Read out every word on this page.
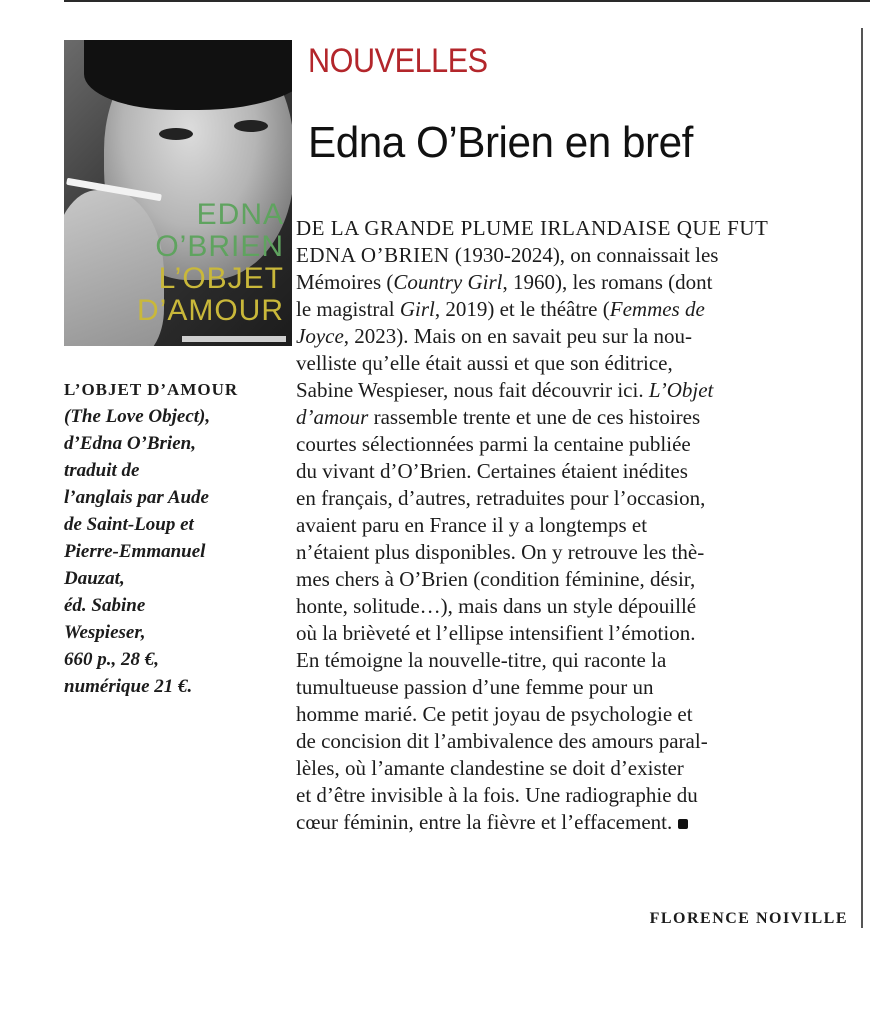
EDNA
O’BRIEN
L’OBJET
D’AMOUR
L’OBJET D’AMOUR
(The Love Object),
d’Edna O’Brien,
traduit de
l’anglais par Aude
de Saint-Loup et
Pierre-Emmanuel
Dauzat,
éd. Sabine
Wespieser,
660 p., 28 €,
numérique 21 €.
NOUVELLES
Edna O’Brien en bref
DE LA GRANDE PLUME IRLANDAISE QUE FUT
EDNA O’BRIEN (1930-2024), on connaissait les
Mémoires (Country Girl, 1960), les romans (dont
le magistral Girl, 2019) et le théâtre (Femmes de
Joyce, 2023). Mais on en savait peu sur la nou-
velliste qu’elle était aussi et que son éditrice,
Sabine Wespieser, nous fait découvrir ici. L’Objet
d’amour rassemble trente et une de ces histoires
courtes sélectionnées parmi la centaine publiée
du vivant d’O’Brien. Certaines étaient inédites
en français, d’autres, retraduites pour l’occasion,
avaient paru en France il y a longtemps et
n’étaient plus disponibles. On y retrouve les thè-
mes chers à O’Brien (condition féminine, désir,
honte, solitude…), mais dans un style dépouillé
où la brièveté et l’ellipse intensifient l’émotion.
En témoigne la nouvelle-titre, qui raconte la
tumultueuse passion d’une femme pour un
homme marié. Ce petit joyau de psychologie et
de concision dit l’ambivalence des amours paral-
lèles, où l’amante clandestine se doit d’exister
et d’être invisible à la fois. Une radiographie du
cœur féminin, entre la fièvre et l’effacement.
FLORENCE NOIVILLE
